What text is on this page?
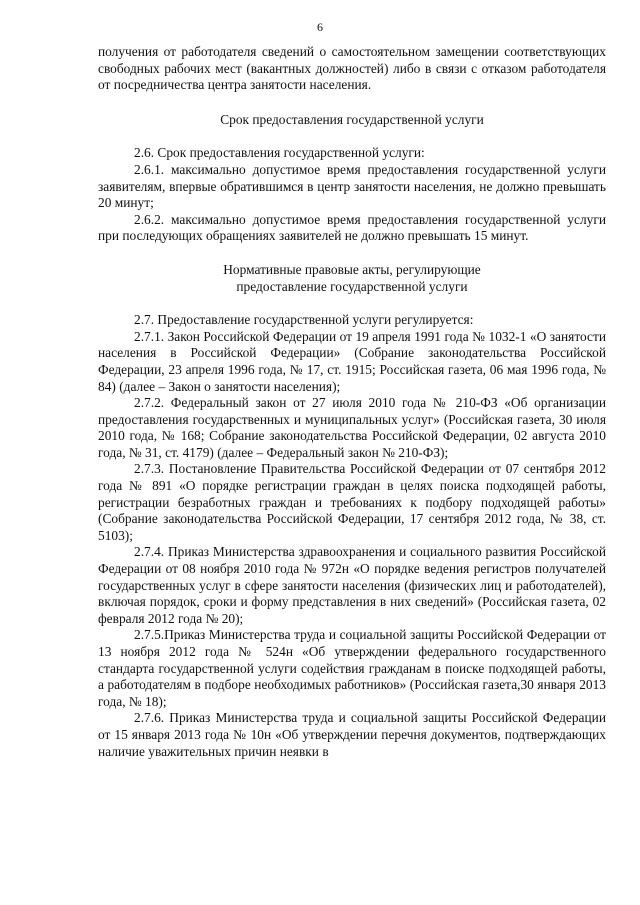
6

получения от работодателя сведений о самостоятельном замещении соответствующих свободных рабочих мест (вакантных должностей) либо в связи с отказом работодателя от посредничества центра занятости населения.

Срок предоставления государственной услуги

2.6. Срок предоставления государственной услуги:

2.6.1. максимально допустимое время предоставления государственной услуги заявителям, впервые обратившимся в центр занятости населения, не должно превышать 20 минут;

2.6.2. максимально допустимое время предоставления государственной услуги при последующих обращениях заявителей не должно превышать 15 минут.

Нормативные правовые акты, регулирующие

предоставление государственной услуги

2.7. Предоставление государственной услуги регулируется:

2.7.1. Закон Российской Федерации от 19 апреля 1991 года № 1032-1 «О занятости населения в Российской Федерации» (Собрание законодательства Российской Федерации, 23 апреля 1996 года, № 17, ст. 1915; Российская газета, 06 мая 1996 года, № 84) (далее – Закон о занятости населения);

2.7.2. Федеральный закон от 27 июля 2010 года № 210-ФЗ «Об организации предоставления государственных и муниципальных услуг» (Российская газета, 30 июля 2010 года, № 168; Собрание законодательства Российской Федерации, 02 августа 2010 года, № 31, ст. 4179) (далее – Федеральный закон № 210-ФЗ);

2.7.3. Постановление Правительства Российской Федерации от 07 сентября 2012 года № 891 «О порядке регистрации граждан в целях поиска подходящей работы, регистрации безработных граждан и требованиях к подбору подходящей работы» (Собрание законодательства Российской Федерации, 17 сентября 2012 года, № 38, ст. 5103);

2.7.4. Приказ Министерства здравоохранения и социального развития Российской Федерации от 08 ноября 2010 года № 972н «О порядке ведения регистров получателей государственных услуг в сфере занятости населения (физических лиц и работодателей), включая порядок, сроки и форму представления в них сведений» (Российская газета, 02 февраля 2012 года № 20);

2.7.5.Приказ Министерства труда и социальной защиты Российской Федерации от 13 ноября 2012 года № 524н «Об утверждении федерального государственного стандарта государственной услуги содействия гражданам в поиске подходящей работы, а работодателям в подборе необходимых работников» (Российская газета,30 января 2013 года, № 18);

2.7.6. Приказ Министерства труда и социальной защиты Российской Федерации от 15 января 2013 года № 10н «Об утверждении перечня документов, подтверждающих наличие уважительных причин неявки в
